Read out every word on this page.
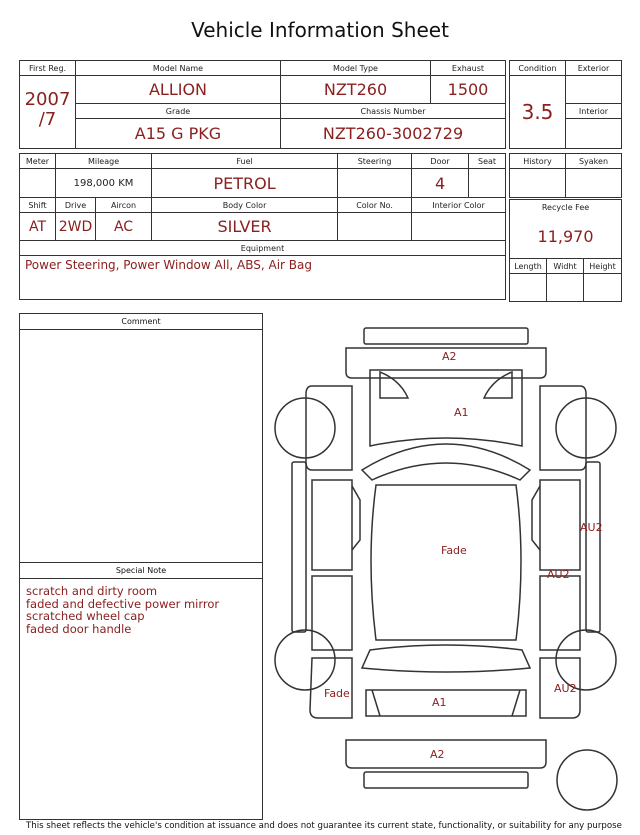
Vehicle Information Sheet
First Reg.	Model Name	Model Type	Exhaust

2007
/7	ALLION	NZT260	1500
	Grade	Chassis Number	
	A15 G PKG	NZT260-3002729	
Condition	Exterior
3.5	
	Interior

Meter	Mileage		Fuel	Steering	Door	Seat
	198,000 KM		PETROL		4	
Shift	Drive	Aircon	Body Color	Color No.	Interior Color	
AT	2WD	AC	SILVER			
Equipment						
Power Steering, Power Window All, ABS, Air Bag						
History	Syaken

Recycle Fee		
11,970		
Length	Widht	Height

Comment
Special Note
scratch and dirty room
faded and defective power mirror
scratched wheel cap
faded door handle
A2
A1
Fade
AU2
AU2
AU2
Fade
A1
A2
This sheet reflects the vehicle's condition at issuance and does not guarantee its current state, functionality, or suitability for any purpose
